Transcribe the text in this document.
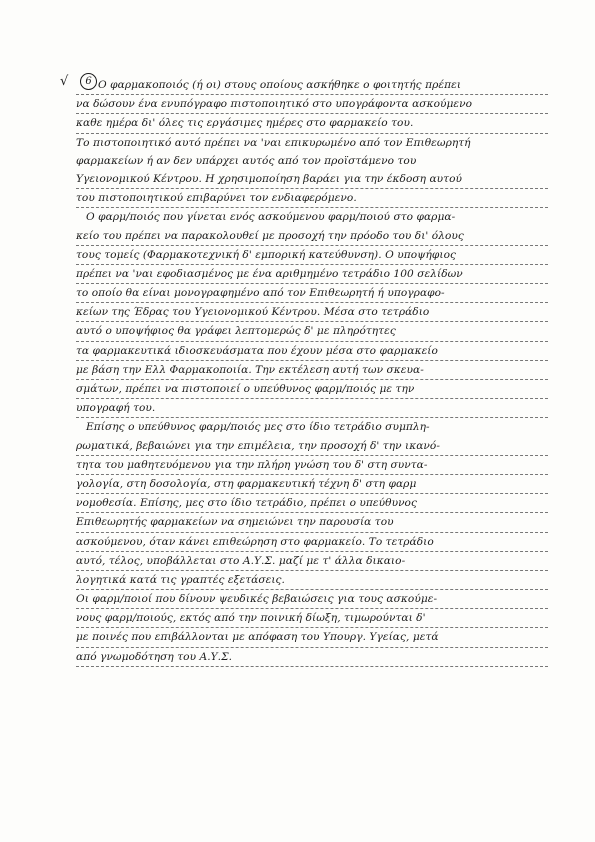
√	6 Ο φαρμακοποιός (ή οι) στους οποίους ασκήθηκε ο φοιτητής πρέπει
να δώσουν ένα ενυπόγραφο πιστοποιητικό στο υπογράφοντα ασκούμενο
καθε ημέρα δι' όλες τις εργάσιμες ημέρες στο φαρμακείο του.
Το πιστοποιητικό αυτό πρέπει να 'ναι επικυρωμένο από τον Επιθεωρητή
φαρμακείων ή αν δεν υπάρχει αυτός από τον προϊστάμενο του
Υγειονομικού Κέντρου. Η χρησιμοποίηση βαράει για την έκδοση αυτού
του πιστοποιητικού επιβαρύνει τον ενδιαφερόμενο.
Ο φαρμ/ποιός που γίνεται ενός ασκούμενου φαρμ/ποιού στο φαρμα-
κείο του πρέπει να παρακολουθεί με προσοχή την πρόοδο του δι' όλους
τους τομείς (Φαρμακοτεχνική δ' εμπορική κατεύθυνση). Ο υποψήφιος
πρέπει να 'ναι εφοδιασμένος με ένα αριθμημένο τετράδιο 100 σελίδων
το οποίο θα είναι μονογραφημένο από τον Επιθεωρητή ή υπογραφο-
κείων της Έδρας του Υγειονομικού Κέντρου. Μέσα στο τετράδιο
αυτό ο υποψήφιος θα γράφει λεπτομερώς δ' με πληρότητες
τα φαρμακευτικά ιδιοσκευάσματα που έχουν μέσα στο φαρμακείο
με βάση την Ελλ Φαρμακοποιία. Την εκτέλεση αυτή των σκευα-
σμάτων, πρέπει να πιστοποιεί ο υπεύθυνος φαρμ/ποιός με την
υπογραφή του.
Επίσης ο υπεύθυνος φαρμ/ποιός μες στο ίδιο τετράδιο συμπλη-
ρωματικά, βεβαιώνει για την επιμέλεια, την προσοχή δ' την ικανό-
τητα του μαθητευόμενου για την πλήρη γνώση του δ' στη συντα-
γολογία, στη δοσολογία, στη φαρμακευτική τέχνη δ' στη φαρμ
νομοθεσία. Επίσης, μες στο ίδιο τετράδιο, πρέπει ο υπεύθυνος
Επιθεωρητής φαρμακείων να σημειώνει την παρουσία του
ασκούμενου, όταν κάνει επιθεώρηση στο φαρμακείο. Το τετράδιο
αυτό, τέλος, υποβάλλεται στο Α.Υ.Σ. μαζί με τ' άλλα δικαιο-
λογητικά κατά τις γραπτές εξετάσεις.
Οι φαρμ/ποιοί που δίνουν ψευδικές βεβαιώσεις για τους ασκούμε-
νους φαρμ/ποιούς, εκτός από την ποινική δίωξη, τιμωρούνται δ'
με ποινές που επιβάλλονται με απόφαση του Υπουργ. Υγείας, μετά
από γνωμοδότηση του Α.Υ.Σ.
